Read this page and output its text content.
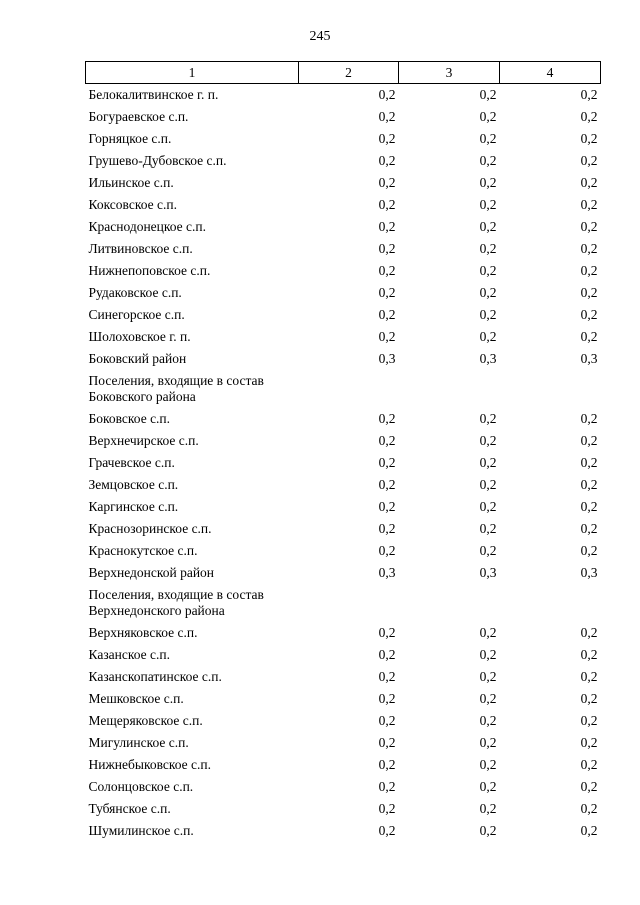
245
1	2	3	4
Белокалитвинское г. п.	0,2	0,2	0,2
Богураевское с.п.	0,2	0,2	0,2
Горняцкое с.п.	0,2	0,2	0,2
Грушево-Дубовское с.п.	0,2	0,2	0,2
Ильинское с.п.	0,2	0,2	0,2
Коксовское с.п.	0,2	0,2	0,2
Краснодонецкое с.п.	0,2	0,2	0,2
Литвиновское с.п.	0,2	0,2	0,2
Нижнепоповское с.п.	0,2	0,2	0,2
Рудаковское с.п.	0,2	0,2	0,2
Синегорское с.п.	0,2	0,2	0,2
Шолоховское г. п.	0,2	0,2	0,2
Боковский район	0,3	0,3	0,3
Поселения, входящие в состав Боковского района			
Боковское с.п.	0,2	0,2	0,2
Верхнечирское с.п.	0,2	0,2	0,2
Грачевское с.п.	0,2	0,2	0,2
Земцовское с.п.	0,2	0,2	0,2
Каргинское с.п.	0,2	0,2	0,2
Краснозоринское с.п.	0,2	0,2	0,2
Краснокутское с.п.	0,2	0,2	0,2
Верхнедонской район	0,3	0,3	0,3
Поселения, входящие в состав Верхнедонского района			
Верхняковское с.п.	0,2	0,2	0,2
Казанское с.п.	0,2	0,2	0,2
Казанскопатинское с.п.	0,2	0,2	0,2
Мешковское с.п.	0,2	0,2	0,2
Мещеряковское с.п.	0,2	0,2	0,2
Мигулинское с.п.	0,2	0,2	0,2
Нижнебыковское с.п.	0,2	0,2	0,2
Солонцовское с.п.	0,2	0,2	0,2
Тубянское с.п.	0,2	0,2	0,2
Шумилинское с.п.	0,2	0,2	0,2
